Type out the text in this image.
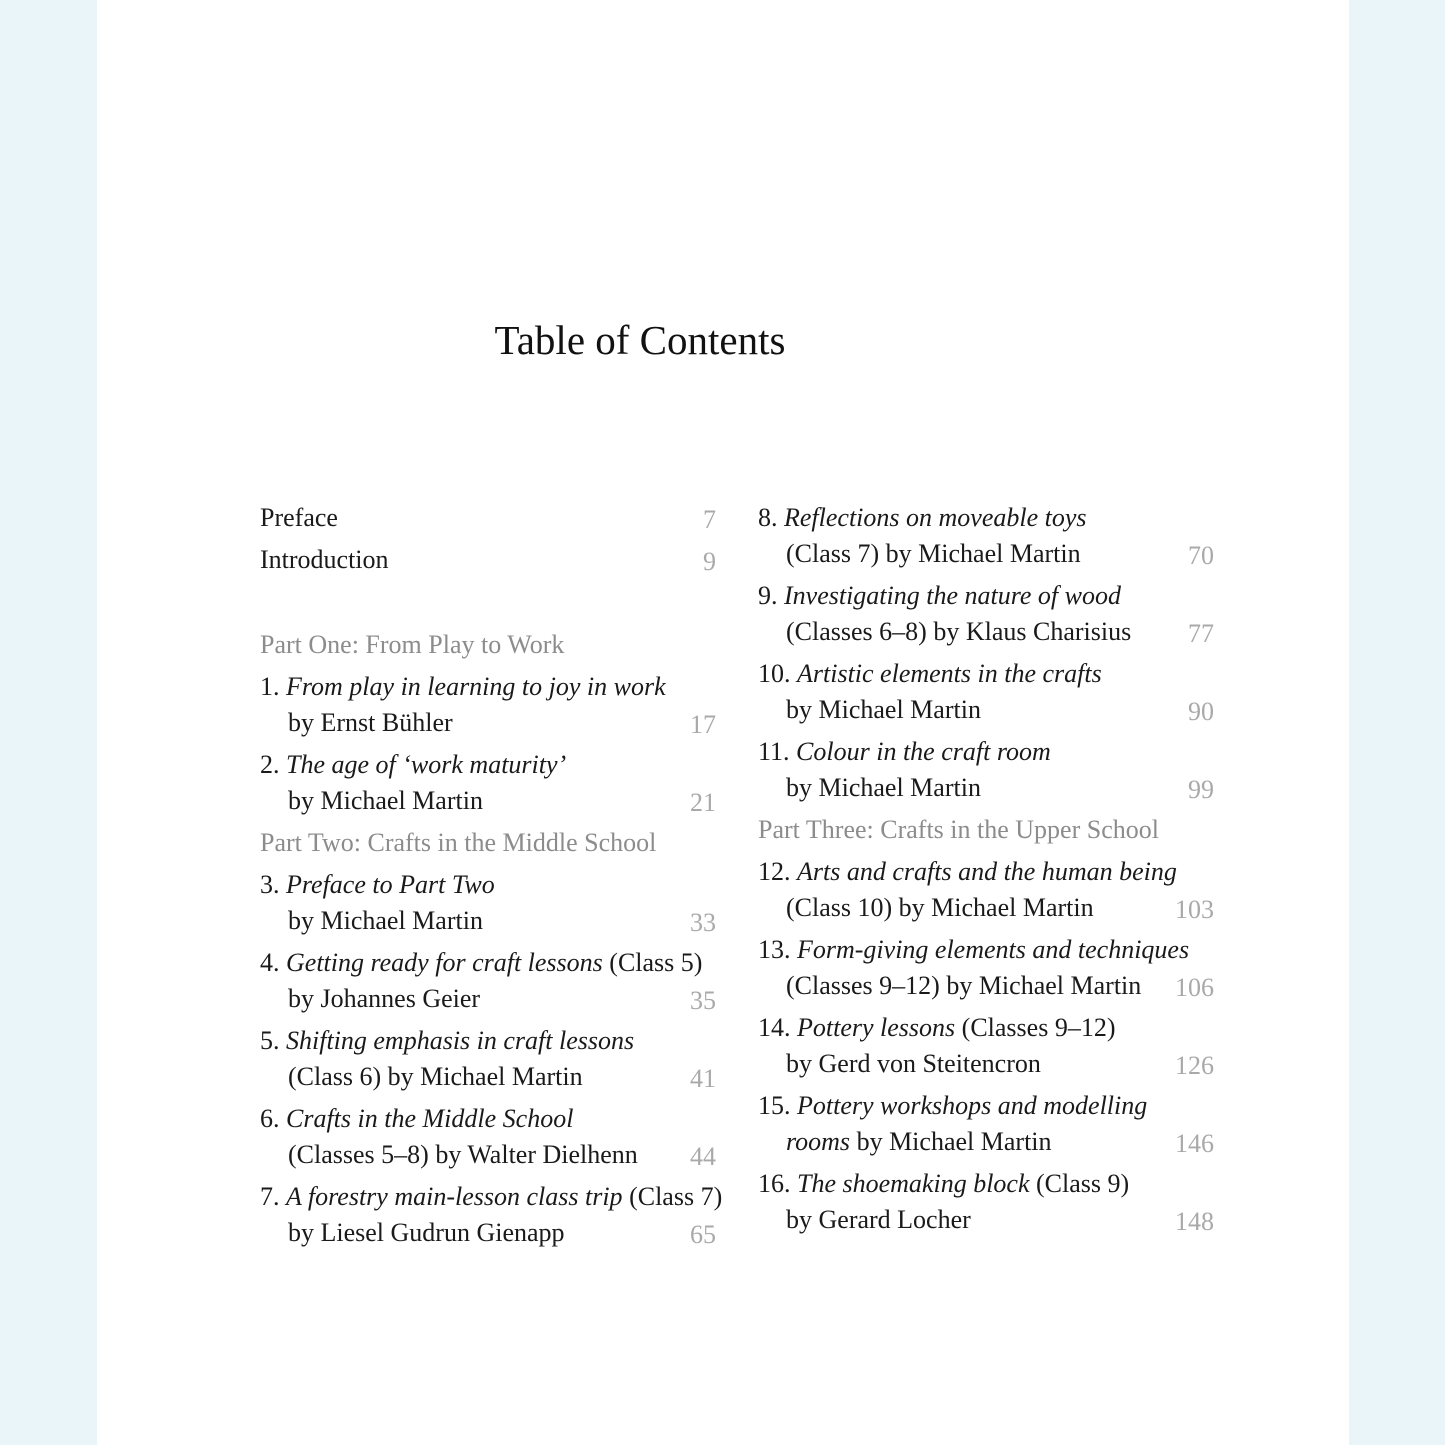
Table of Contents
Preface	7
Introduction	9
Part One: From Play to Work
1. From play in learning to joy in work
by Ernst Bühler	17
2. The age of ‘work maturity’
by Michael Martin	21
Part Two: Crafts in the Middle School
3. Preface to Part Two
by Michael Martin	33
4. Getting ready for craft lessons (Class 5)
by Johannes Geier	35
5. Shifting emphasis in craft lessons
(Class 6) by Michael Martin	41
6. Crafts in the Middle School
(Classes 5–8) by Walter Dielhenn 44
7. A forestry main-lesson class trip (Class 7)
by Liesel Gudrun Gienapp	65
8. Reflections on moveable toys
(Class 7) by Michael Martin	70
9. Investigating the nature of wood
(Classes 6–8) by Klaus Charisius 77
10. Artistic elements in the crafts
by Michael Martin	90
11. Colour in the craft room
by Michael Martin	99
Part Three: Crafts in the Upper School
12. Arts and crafts and the human being
(Class 10) by Michael Martin	103
13. Form-giving elements and techniques
(Classes 9–12) by Michael Martin 106
14. Pottery lessons (Classes 9–12)
by Gerd von Steitencron	126
15. Pottery workshops and modelling
rooms by Michael Martin	146
16. The shoemaking block (Class 9)
by Gerard Locher	148
